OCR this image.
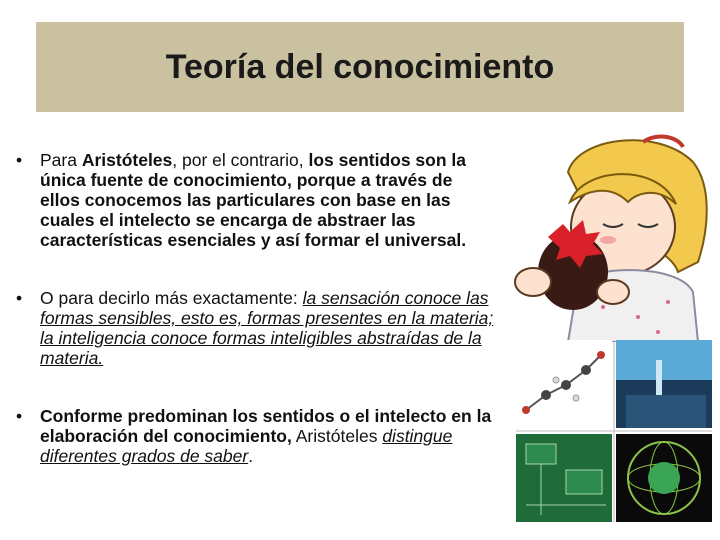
Teoría del conocimiento
•	Para Aristóteles, por el contrario, los sentidos son la única fuente de conocimiento, porque a través de ellos conocemos las particulares con base en las cuales el intelecto se encarga de abstraer las características esenciales y así formar el universal.
•	O para decirlo más exactamente: la sensación conoce las formas sensibles, esto es, formas presentes en la materia; la inteligencia conoce formas inteligibles abstraídas de la materia.
•	Conforme predominan los sentidos o el intelecto en la elaboración del conocimiento, Aristóteles distingue diferentes grados de saber.
